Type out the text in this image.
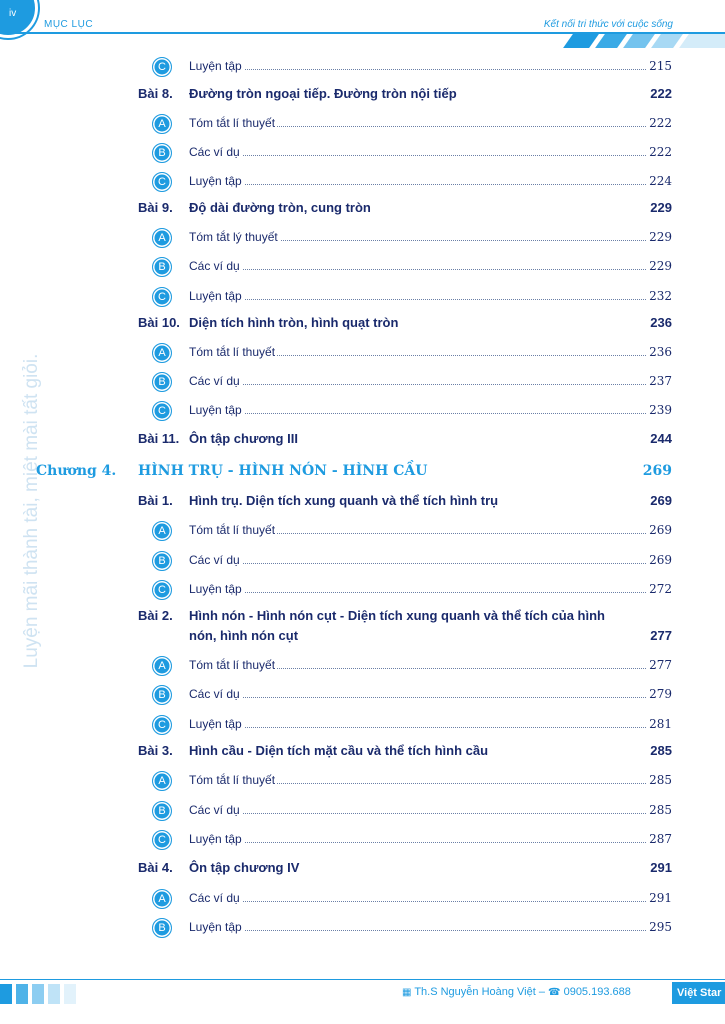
iv
MỤC LỤC	Kết nối tri thức với cuộc sống
Luyện mãi thành tài, miệt mài tất giỏi.
C	Luyện tập	215
Bài 8. Đường tròn ngoại tiếp. Đường tròn nội tiếp	222
A	Tóm tắt lí thuyết	222
B	Các ví dụ	222
C	Luyện tập	224
Bài 9. Độ dài đường tròn, cung tròn	229
A	Tóm tắt lý thuyết	229
B	Các ví dụ	229
C	Luyện tập	232
Bài 10. Diện tích hình tròn, hình quạt tròn	236
A	Tóm tắt lí thuyết	236
B	Các ví dụ	237
C	Luyện tập	239
Bài 11. Ôn tập chương III	244
Chương 4. HÌNH TRỤ - HÌNH NÓN - HÌNH CẦU	269
Bài 1. Hình trụ. Diện tích xung quanh và thể tích hình trụ	269
A	Tóm tắt lí thuyết	269
B	Các ví dụ	269
C	Luyện tập	272
Bài 2. Hình nón - Hình nón cụt - Diện tích xung quanh và thể tích của hình
nón, hình nón cụt	277
A	Tóm tắt lí thuyết	277
B	Các ví dụ	279
C	Luyện tập	281
Bài 3. Hình cầu - Diện tích mặt cầu và thể tích hình cầu	285
A	Tóm tắt lí thuyết	285
B	Các ví dụ	285
C	Luyện tập	287
Bài 4. Ôn tập chương IV	291
A	Các ví dụ	291
B	Luyện tập	295
▦ Th.S Nguyễn Hoàng Việt – ☎ 0905.193.688	Việt Star
